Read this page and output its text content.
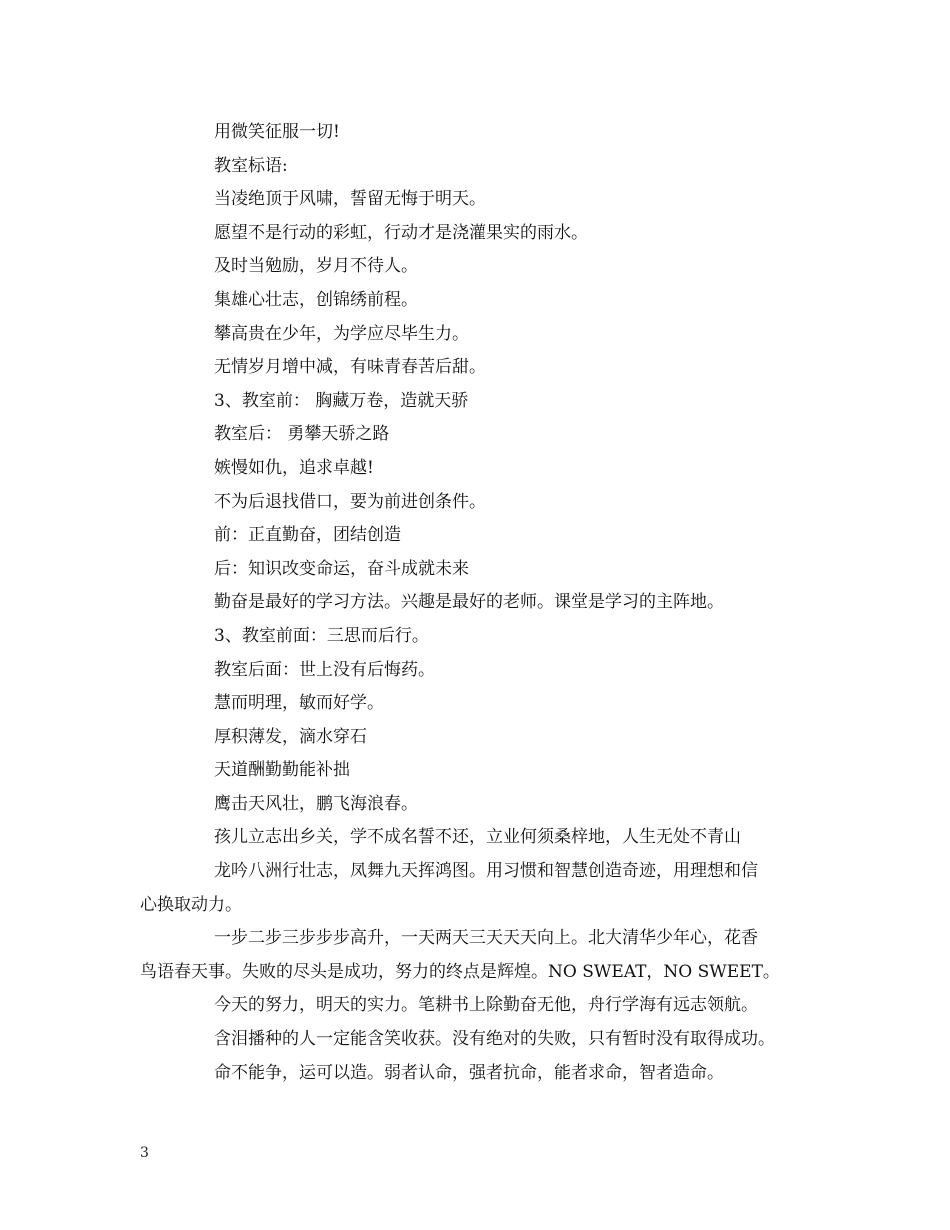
用微笑征服一切!
教室标语:
当凌绝顶于风啸，誓留无悔于明天。
愿望不是行动的彩虹，行动才是浇灌果实的雨水。
及时当勉励，岁月不待人。
集雄心壮志，创锦绣前程。
攀高贵在少年，为学应尽毕生力。
无情岁月增中减，有味青春苦后甜。
3、教室前： 胸藏万卷，造就天骄
教室后： 勇攀天骄之路
嫉慢如仇，追求卓越!
不为后退找借口，要为前进创条件。
前：正直勤奋，团结创造
后：知识改变命运，奋斗成就未来
勤奋是最好的学习方法。兴趣是最好的老师。课堂是学习的主阵地。
3、教室前面：三思而后行。
教室后面：世上没有后悔药。
慧而明理，敏而好学。
厚积薄发，滴水穿石
天道酬勤勤能补拙
鹰击天风壮，鹏飞海浪春。
孩儿立志出乡关，学不成名誓不还，立业何须桑梓地，人生无处不青山
龙吟八洲行壮志，凤舞九天挥鸿图。用习惯和智慧创造奇迹，用理想和信
心换取动力。
一步二步三步步步高升，一天两天三天天天向上。北大清华少年心，花香
鸟语春天事。失败的尽头是成功，努力的终点是辉煌。NO SWEAT，NO SWEET。
今天的努力，明天的实力。笔耕书上除勤奋无他，舟行学海有远志领航。
含泪播种的人一定能含笑收获。没有绝对的失败，只有暂时没有取得成功。
命不能争，运可以造。弱者认命，强者抗命，能者求命，智者造命。
3
